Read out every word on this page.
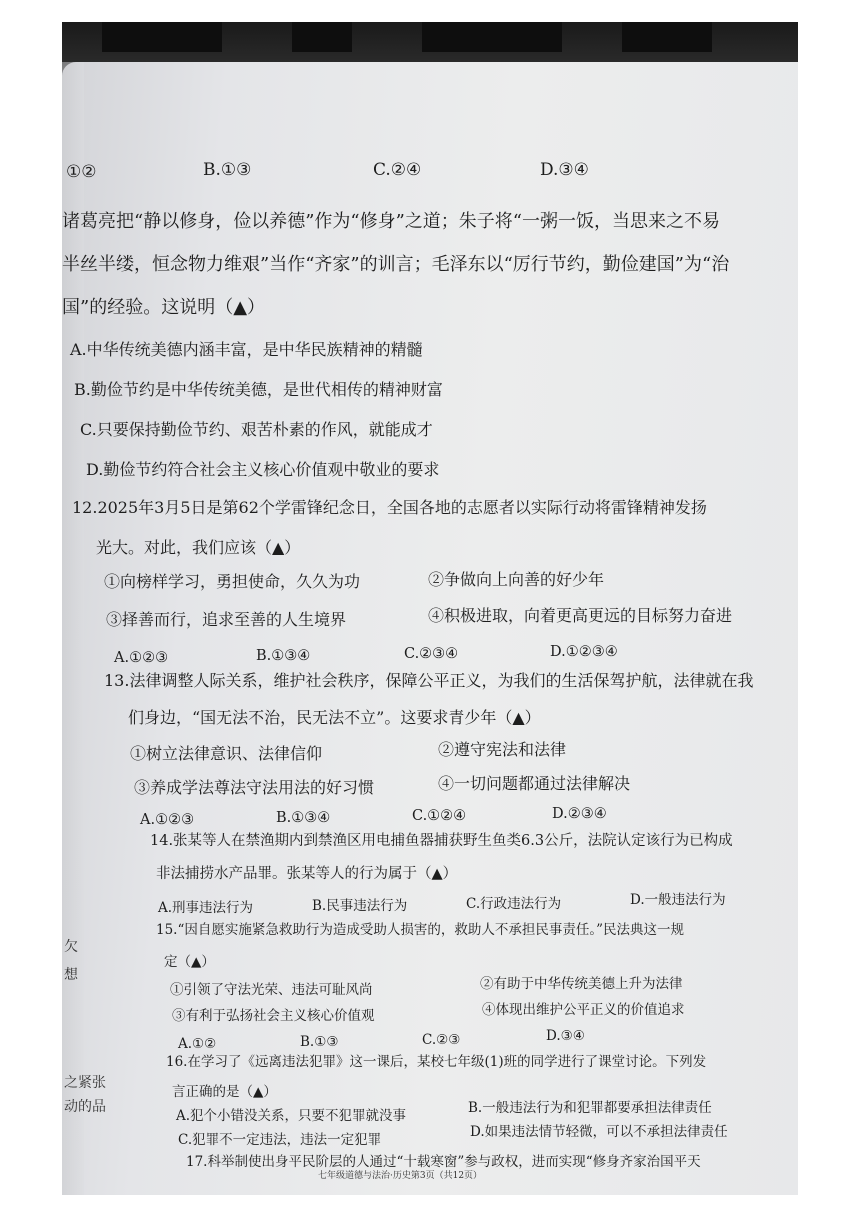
①②	B.①③	C.②④	D.③④
诸葛亮把“静以修身，俭以养德”作为“修身”之道；朱子将“一粥一饭，当思来之不易
半丝半缕，恒念物力维艰”当作“齐家”的训言；毛泽东以“厉行节约，勤俭建国”为“治
国”的经验。这说明（▲）
A.中华传统美德内涵丰富，是中华民族精神的精髓
B.勤俭节约是中华传统美德，是世代相传的精神财富
C.只要保持勤俭节约、艰苦朴素的作风，就能成才
D.勤俭节约符合社会主义核心价值观中敬业的要求
12.2025年3月5日是第62个学雷锋纪念日，全国各地的志愿者以实际行动将雷锋精神发扬
光大。对此，我们应该（▲）
①向榜样学习，勇担使命，久久为功	②争做向上向善的好少年
③择善而行，追求至善的人生境界	④积极进取，向着更高更远的目标努力奋进
A.①②③	B.①③④	C.②③④	D.①②③④
13.法律调整人际关系，维护社会秩序，保障公平正义，为我们的生活保驾护航，法律就在我
们身边，“国无法不治，民无法不立”。这要求青少年（▲）
①树立法律意识、法律信仰	②遵守宪法和法律
③养成学法尊法守法用法的好习惯	④一切问题都通过法律解决
A.①②③	B.①③④	C.①②④	D.②③④
14.张某等人在禁渔期内到禁渔区用电捕鱼器捕获野生鱼类6.3公斤，法院认定该行为已构成
非法捕捞水产品罪。张某等人的行为属于（▲）
A.刑事违法行为	B.民事违法行为	C.行政违法行为	D.一般违法行为
15.“因自愿实施紧急救助行为造成受助人损害的，救助人不承担民事责任。”民法典这一规
定（▲）
①引领了守法光荣、违法可耻风尚	②有助于中华传统美德上升为法律
③有利于弘扬社会主义核心价值观	④体现出维护公平正义的价值追求
A.①②	B.①③	C.②③	D.③④
16.在学习了《远离违法犯罪》这一课后，某校七年级(1)班的同学进行了课堂讨论。下列发
言正确的是（▲）
A.犯个小错没关系，只要不犯罪就没事	B.一般违法行为和犯罪都要承担法律责任
C.犯罪不一定违法，违法一定犯罪	D.如果违法情节轻微，可以不承担法律责任
17.科举制使出身平民阶层的人通过“十载寒窗”参与政权，进而实现“修身齐家治国平天
七年级道德与法治·历史第3页（共12页）
欠
想
之紧张
动的品
